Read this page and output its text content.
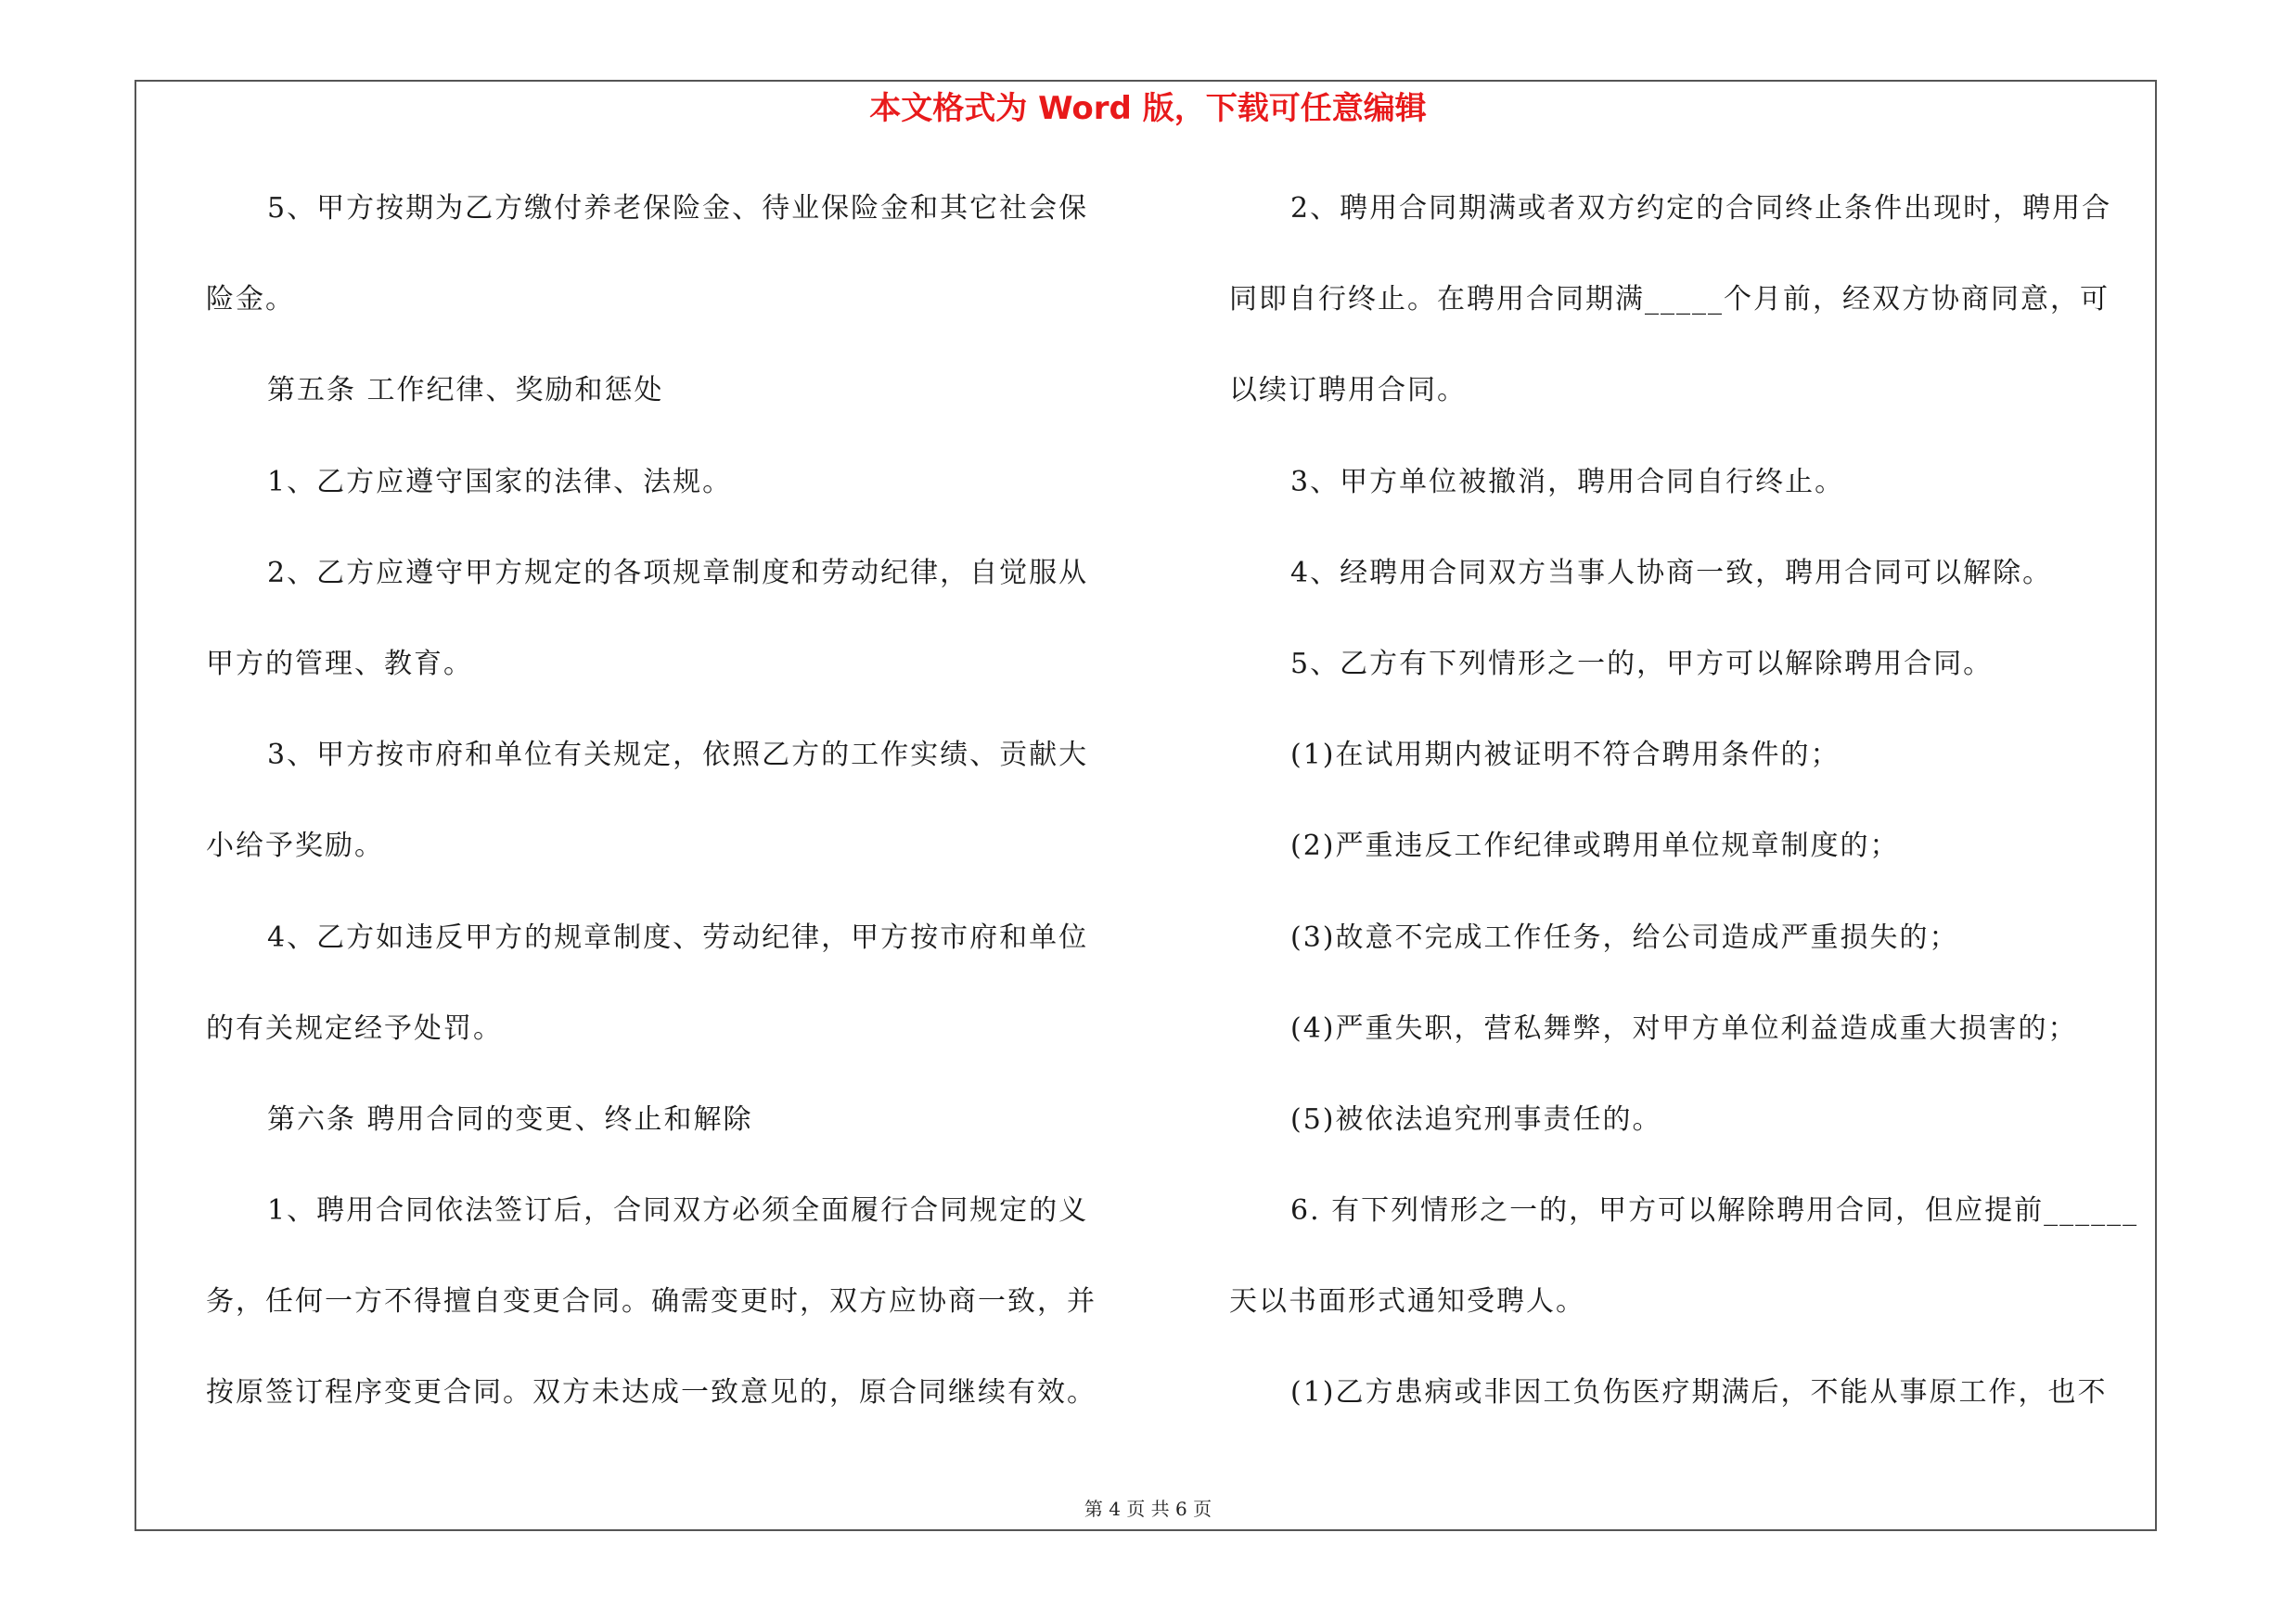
本文格式为 Word 版，下载可任意编辑
5、甲方按期为乙方缴付养老保险金、待业保险金和其它社会保
险金。
第五条 工作纪律、奖励和惩处
1、乙方应遵守国家的法律、法规。
2、乙方应遵守甲方规定的各项规章制度和劳动纪律，自觉服从
甲方的管理、教育。
3、甲方按市府和单位有关规定，依照乙方的工作实绩、贡献大
小给予奖励。
4、乙方如违反甲方的规章制度、劳动纪律，甲方按市府和单位
的有关规定经予处罚。
第六条 聘用合同的变更、终止和解除
1、聘用合同依法签订后，合同双方必须全面履行合同规定的义
务，任何一方不得擅自变更合同。确需变更时，双方应协商一致，并
按原签订程序变更合同。双方未达成一致意见的，原合同继续有效。
2、聘用合同期满或者双方约定的合同终止条件出现时，聘用合
同即自行终止。在聘用合同期满_____个月前，经双方协商同意，可
以续订聘用合同。
3、甲方单位被撤消，聘用合同自行终止。
4、经聘用合同双方当事人协商一致，聘用合同可以解除。
5、乙方有下列情形之一的，甲方可以解除聘用合同。
(1)在试用期内被证明不符合聘用条件的；
(2)严重违反工作纪律或聘用单位规章制度的；
(3)故意不完成工作任务，给公司造成严重损失的；
(4)严重失职，营私舞弊，对甲方单位利益造成重大损害的；
(5)被依法追究刑事责任的。
6. 有下列情形之一的，甲方可以解除聘用合同，但应提前______
天以书面形式通知受聘人。
(1)乙方患病或非因工负伤医疗期满后，不能从事原工作，也不
第 4 页 共 6 页
